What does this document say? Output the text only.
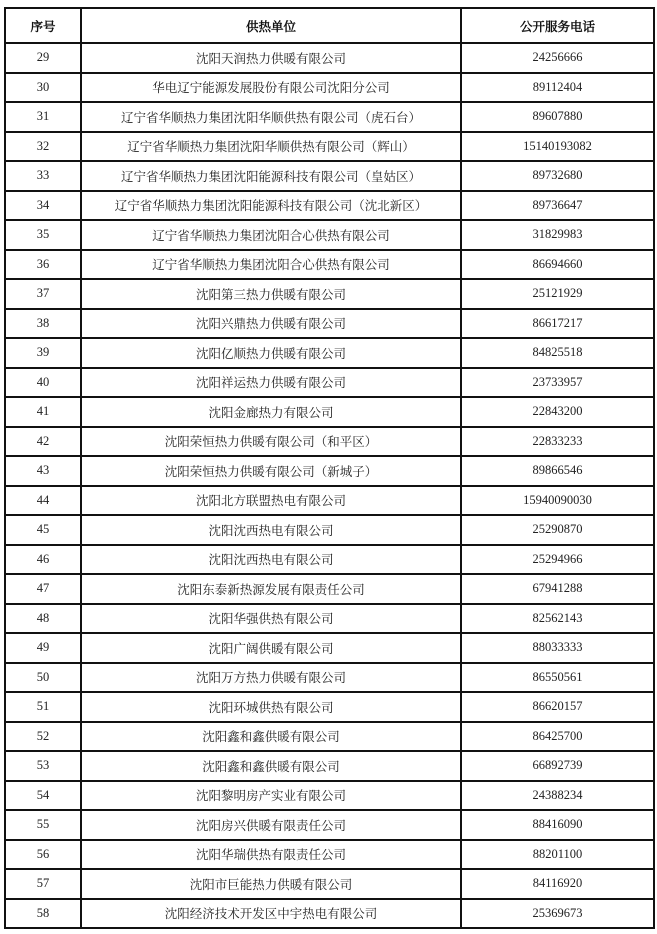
序号	供热单位	公开服务电话
29	沈阳天润热力供暖有限公司	24256666
30	华电辽宁能源发展股份有限公司沈阳分公司	89112404
31	辽宁省华顺热力集团沈阳华顺供热有限公司（虎石台）	89607880
32	辽宁省华顺热力集团沈阳华顺供热有限公司（辉山）	15140193082
33	辽宁省华顺热力集团沈阳能源科技有限公司（皇姑区）	89732680
34	辽宁省华顺热力集团沈阳能源科技有限公司（沈北新区）	89736647
35	辽宁省华顺热力集团沈阳合心供热有限公司	31829983
36	辽宁省华顺热力集团沈阳合心供热有限公司	86694660
37	沈阳第三热力供暖有限公司	25121929
38	沈阳兴鼎热力供暖有限公司	86617217
39	沈阳亿顺热力供暖有限公司	84825518
40	沈阳祥运热力供暖有限公司	23733957
41	沈阳金廊热力有限公司	22843200
42	沈阳荣恒热力供暖有限公司（和平区）	22833233
43	沈阳荣恒热力供暖有限公司（新城子）	89866546
44	沈阳北方联盟热电有限公司	15940090030
45	沈阳沈西热电有限公司	25290870
46	沈阳沈西热电有限公司	25294966
47	沈阳东泰新热源发展有限责任公司	67941288
48	沈阳华强供热有限公司	82562143
49	沈阳广阔供暖有限公司	88033333
50	沈阳万方热力供暖有限公司	86550561
51	沈阳环城供热有限公司	86620157
52	沈阳鑫和鑫供暖有限公司	86425700
53	沈阳鑫和鑫供暖有限公司	66892739
54	沈阳黎明房产实业有限公司	24388234
55	沈阳房兴供暖有限责任公司	88416090
56	沈阳华瑞供热有限责任公司	88201100
57	沈阳市巨能热力供暖有限公司	84116920
58	沈阳经济技术开发区中宇热电有限公司	25369673
